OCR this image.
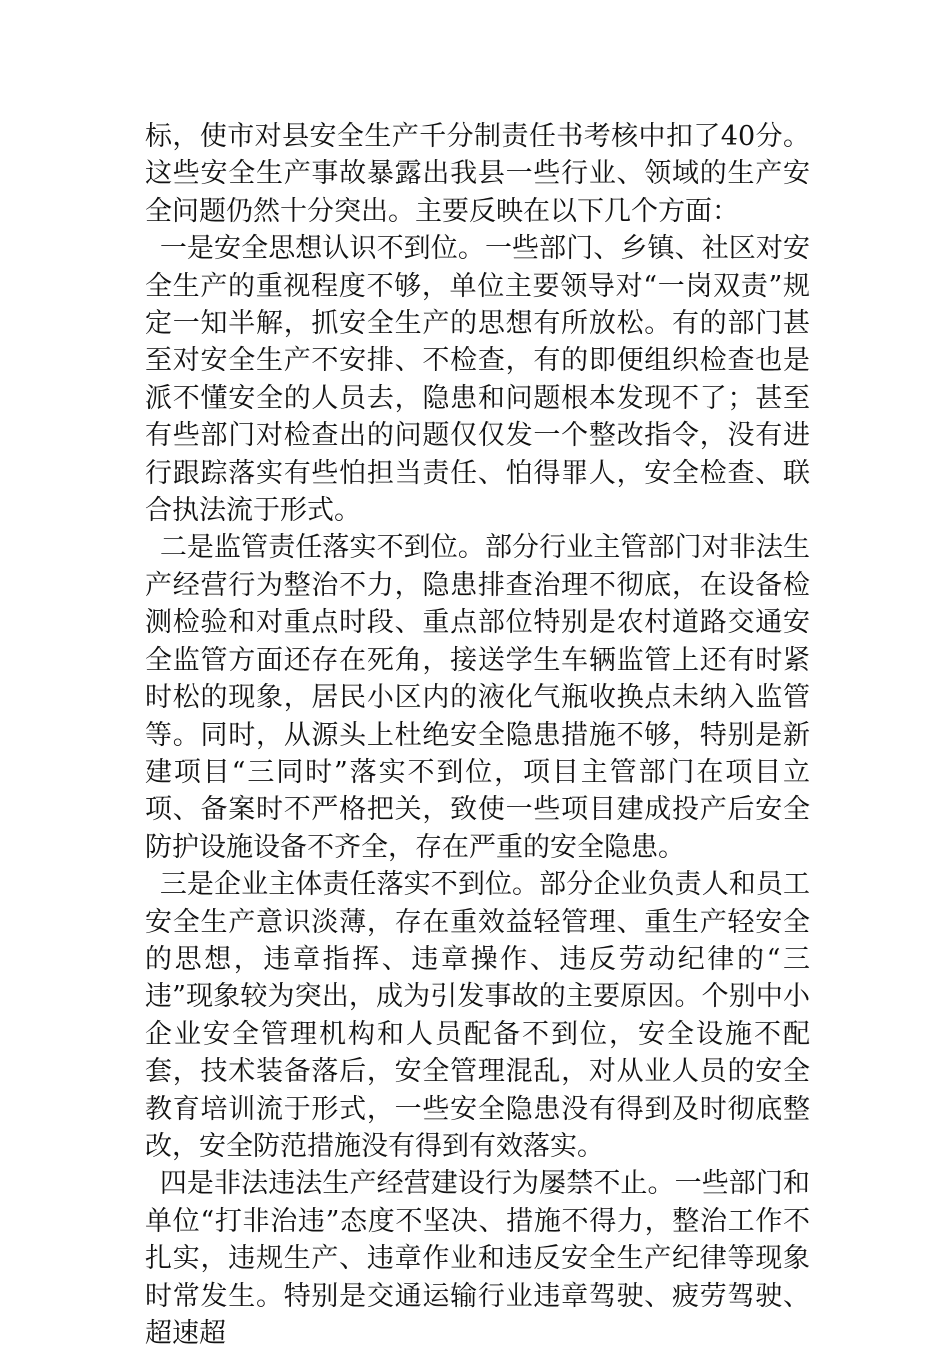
标，使市对县安全生产千分制责任书考核中扣了40分。这些安全生产事故暴露出我县一些行业、领域的生产安全问题仍然十分突出。主要反映在以下几个方面：

一是安全思想认识不到位。一些部门、乡镇、社区对安全生产的重视程度不够，单位主要领导对“一岗双责”规定一知半解，抓安全生产的思想有所放松。有的部门甚至对安全生产不安排、不检查，有的即便组织检查也是派不懂安全的人员去，隐患和问题根本发现不了；甚至有些部门对检查出的问题仅仅发一个整改指令，没有进行跟踪落实有些怕担当责任、怕得罪人，安全检查、联合执法流于形式。

二是监管责任落实不到位。部分行业主管部门对非法生产经营行为整治不力，隐患排查治理不彻底，在设备检测检验和对重点时段、重点部位特别是农村道路交通安全监管方面还存在死角，接送学生车辆监管上还有时紧时松的现象，居民小区内的液化气瓶收换点未纳入监管等。同时，从源头上杜绝安全隐患措施不够，特别是新建项目“三同时”落实不到位，项目主管部门在项目立项、备案时不严格把关，致使一些项目建成投产后安全防护设施设备不齐全，存在严重的安全隐患。

三是企业主体责任落实不到位。部分企业负责人和员工安全生产意识淡薄，存在重效益轻管理、重生产轻安全的思想，违章指挥、违章操作、违反劳动纪律的“三违”现象较为突出，成为引发事故的主要原因。个别中小企业安全管理机构和人员配备不到位，安全设施不配套，技术装备落后，安全管理混乱，对从业人员的安全教育培训流于形式，一些安全隐患没有得到及时彻底整改，安全防范措施没有得到有效落实。

四是非法违法生产经营建设行为屡禁不止。一些部门和单位“打非治违”态度不坚决、措施不得力，整治工作不扎实，违规生产、违章作业和违反安全生产纪律等现象时常发生。特别是交通运输行业违章驾驶、疲劳驾驶、超速超
